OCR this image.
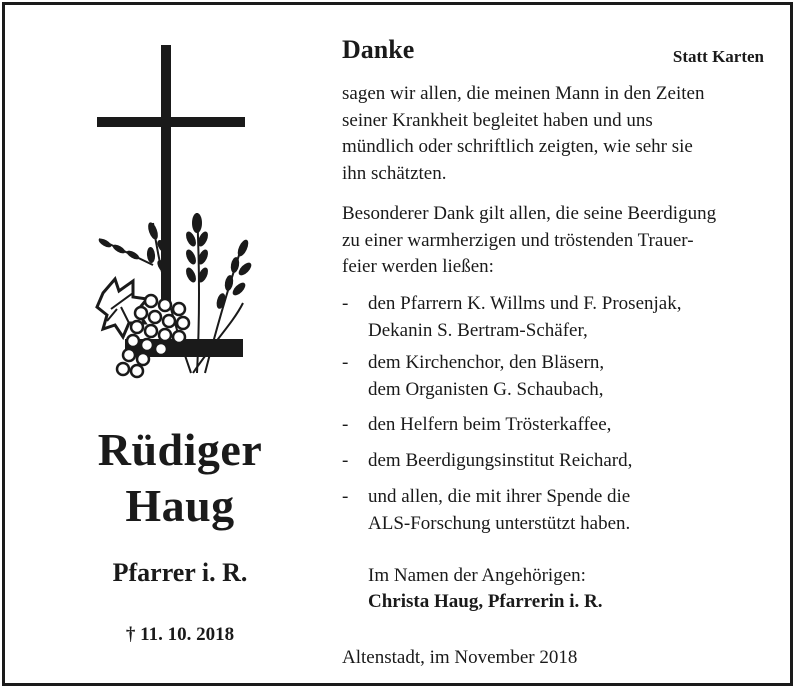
Rüdiger
Haug
Pfarrer i. R.
† 11. 10. 2018
Danke	Statt Karten
sagen wir allen, die meinen Mann in den Zeiten
seiner Krankheit begleitet haben und uns
mündlich oder schriftlich zeigten, wie sehr sie
ihn schätzten.
Besonderer Dank gilt allen, die seine Beerdigung
zu einer warmherzigen und tröstenden Trauer-
feier werden ließen:
- den Pfarrern K. Willms und F. Prosenjak,
Dekanin S. Bertram-Schäfer,
- dem Kirchenchor, den Bläsern,
dem Organisten G. Schaubach,
- den Helfern beim Trösterkaffee,
- dem Beerdigungsinstitut Reichard,
- und allen, die mit ihrer Spende die
ALS-Forschung unterstützt haben.
Im Namen der Angehörigen:
Christa Haug, Pfarrerin i. R.
Altenstadt, im November 2018
